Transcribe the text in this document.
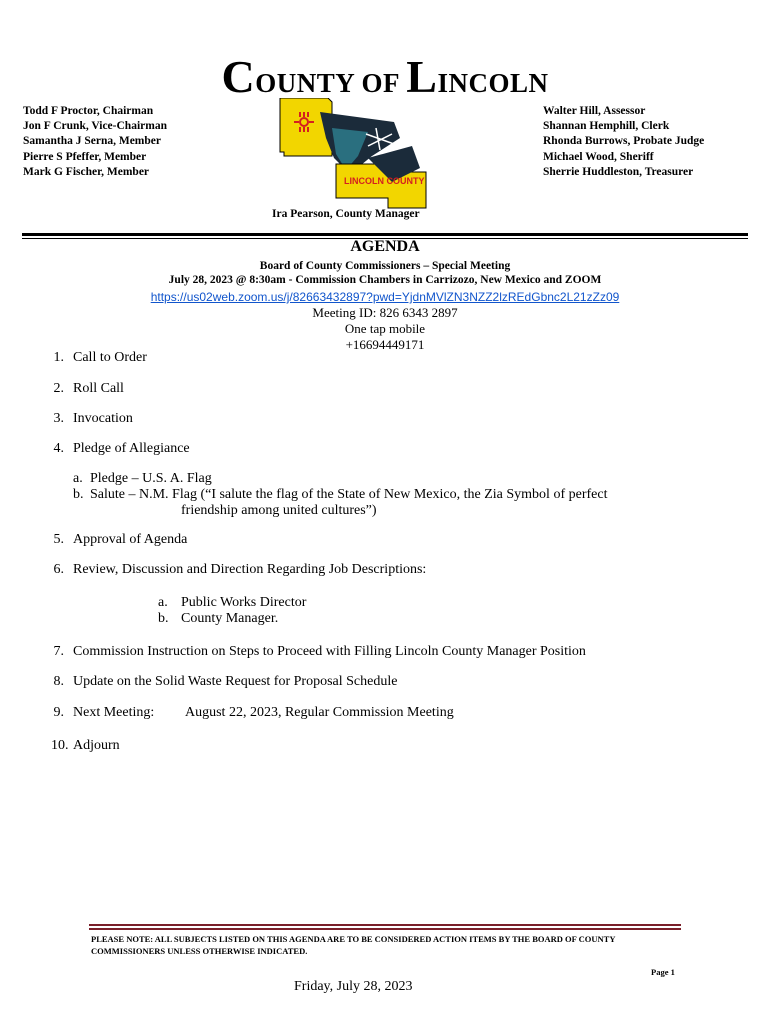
COUNTY OF LINCOLN
Todd F Proctor, Chairman
Jon F Crunk, Vice-Chairman
Samantha J Serna, Member
Pierre S Pfeffer, Member
Mark G Fischer, Member
Walter Hill, Assessor
Shannan Hemphill, Clerk
Rhonda Burrows, Probate Judge
Michael Wood, Sheriff
Sherrie Huddleston, Treasurer
LINCOLN COUNTY
Ira Pearson, County Manager
AGENDA
Board of County Commissioners – Special Meeting
July 28, 2023 @ 8:30am - Commission Chambers in Carrizozo, New Mexico and ZOOM
https://us02web.zoom.us/j/82663432897?pwd=YjdnMVlZN3NZZ2lzREdGbnc2L21zZz09
Meeting ID: 826 6343 2897
One tap mobile
+16694449171
1. Call to Order
2. Roll Call
3. Invocation
4. Pledge of Allegiance
a. Pledge – U.S. A. Flag
b. Salute – N.M. Flag (“I salute the flag of the State of New Mexico, the Zia Symbol of perfect
friendship among united cultures”)
5. Approval of Agenda
6. Review, Discussion and Direction Regarding Job Descriptions:
a. Public Works Director
b. County Manager.
7. Commission Instruction on Steps to Proceed with Filling Lincoln County Manager Position
8. Update on the Solid Waste Request for Proposal Schedule
9. Next Meeting: August 22, 2023, Regular Commission Meeting
10. Adjourn
PLEASE NOTE: ALL SUBJECTS LISTED ON THIS AGENDA ARE TO BE CONSIDERED ACTION ITEMS BY THE BOARD OF COUNTY COMMISSIONERS UNLESS OTHERWISE INDICATED.
Page 1
Friday, July 28, 2023
